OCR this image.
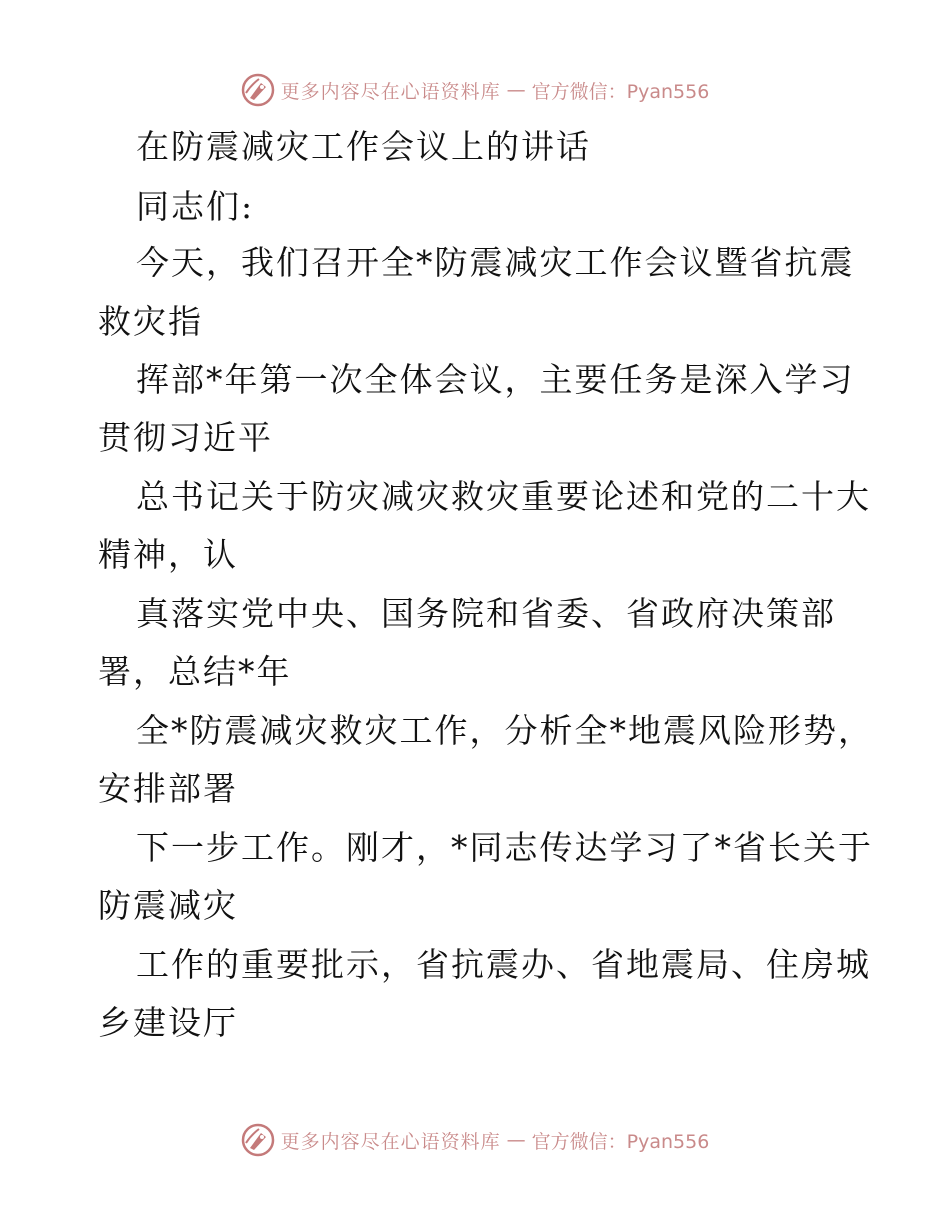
更多内容尽在心语资料库 — 官方微信：Pyan556
在防震减灾工作会议上的讲话
同志们:
今天，我们召开全*防震减灾工作会议暨省抗震
救灾指
挥部*年第一次全体会议，主要任务是深入学习
贯彻习近平
总书记关于防灾减灾救灾重要论述和党的二十大
精神，认
真落实党中央、国务院和省委、省政府决策部
署，总结*年
全*防震减灾救灾工作，分析全*地震风险形势，
安排部署
下一步工作。刚才，*同志传达学习了*省长关于
防震减灾
工作的重要批示，省抗震办、省地震局、住房城
乡建设厅
更多内容尽在心语资料库 — 官方微信：Pyan556
